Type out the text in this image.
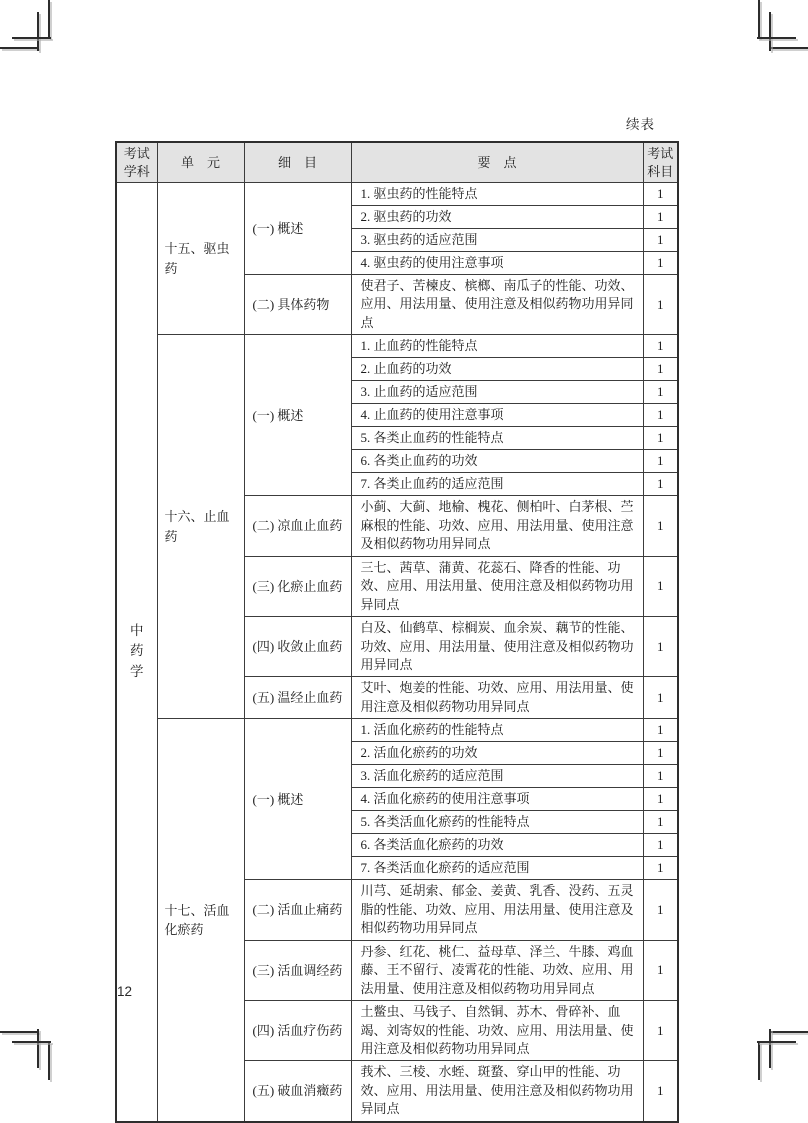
续表
考试学科	单　元	细　目	要　点	考试科目

中药学	十五、驱虫药	(一) 概述	1. 驱虫药的性能特点	1
			2. 驱虫药的功效	1
			3. 驱虫药的适应范围	1
			4. 驱虫药的使用注意事项	1
		(二) 具体药物	使君子、苦楝皮、槟榔、南瓜子的性能、功效、应用、用法用量、使用注意及相似药物功用异同点	1
	十六、止血药	(一) 概述	1. 止血药的性能特点	1
			2. 止血药的功效	1
			3. 止血药的适应范围	1
			4. 止血药的使用注意事项	1
			5. 各类止血药的性能特点	1
			6. 各类止血药的功效	1
			7. 各类止血药的适应范围	1
		(二) 凉血止血药	小蓟、大蓟、地榆、槐花、侧柏叶、白茅根、苎麻根的性能、功效、应用、用法用量、使用注意及相似药物功用异同点	1
		(三) 化瘀止血药	三七、茜草、蒲黄、花蕊石、降香的性能、功效、应用、用法用量、使用注意及相似药物功用异同点	1
		(四) 收敛止血药	白及、仙鹤草、棕榈炭、血余炭、藕节的性能、功效、应用、用法用量、使用注意及相似药物功用异同点	1
		(五) 温经止血药	艾叶、炮姜的性能、功效、应用、用法用量、使用注意及相似药物功用异同点	1
	十七、活血化瘀药	(一) 概述	1. 活血化瘀药的性能特点	1
			2. 活血化瘀药的功效	1
			3. 活血化瘀药的适应范围	1
			4. 活血化瘀药的使用注意事项	1
			5. 各类活血化瘀药的性能特点	1
			6. 各类活血化瘀药的功效	1
			7. 各类活血化瘀药的适应范围	1
		(二) 活血止痛药	川芎、延胡索、郁金、姜黄、乳香、没药、五灵脂的性能、功效、应用、用法用量、使用注意及相似药物功用异同点	1
		(三) 活血调经药	丹参、红花、桃仁、益母草、泽兰、牛膝、鸡血藤、王不留行、凌霄花的性能、功效、应用、用法用量、使用注意及相似药物功用异同点	1
		(四) 活血疗伤药	土鳖虫、马钱子、自然铜、苏木、骨碎补、血竭、刘寄奴的性能、功效、应用、用法用量、使用注意及相似药物功用异同点	1
		(五) 破血消癥药	莪术、三棱、水蛭、斑蝥、穿山甲的性能、功效、应用、用法用量、使用注意及相似药物功用异同点	1
12
